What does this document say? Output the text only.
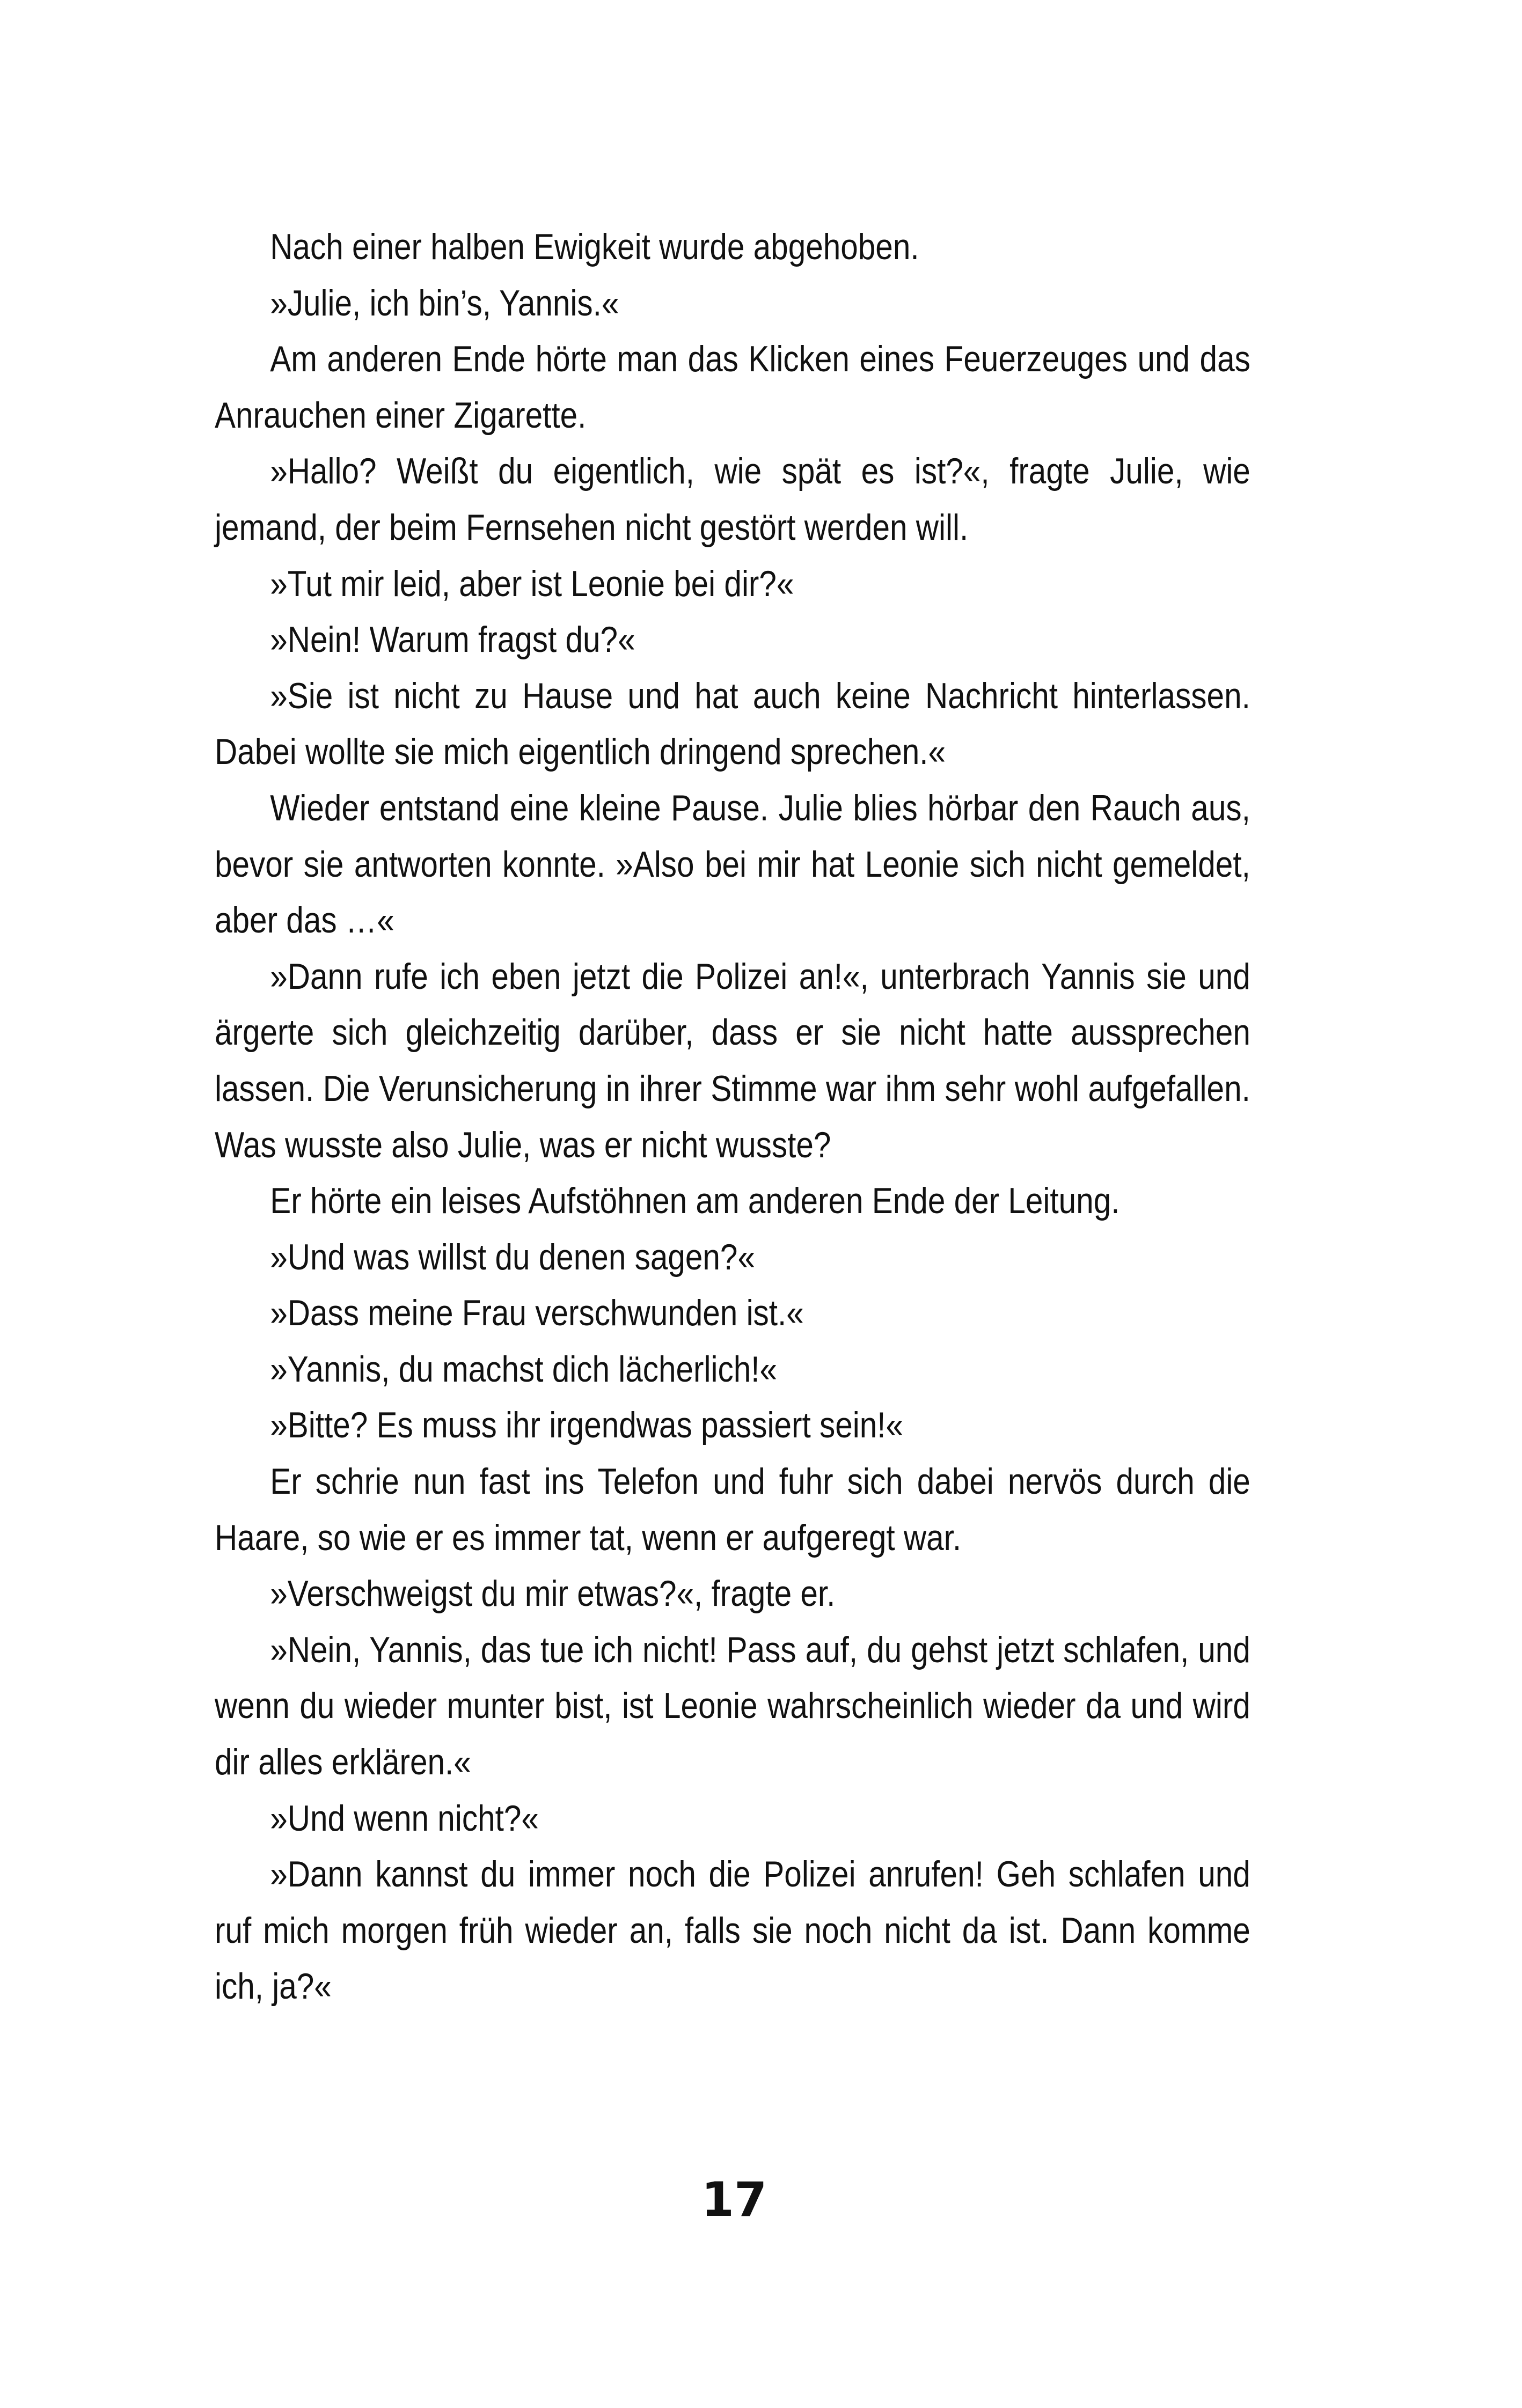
Nach einer halben Ewigkeit wurde abgehoben.

»Julie, ich bin’s, Yannis.«

Am anderen Ende hörte man das Klicken eines Feuerzeuges und das Anrauchen einer Zigarette.

»Hallo? Weißt du eigentlich, wie spät es ist?«, fragte Julie, wie jemand, der beim Fernsehen nicht gestört werden will.

»Tut mir leid, aber ist Leonie bei dir?«

»Nein! Warum fragst du?«

»Sie ist nicht zu Hause und hat auch keine Nachricht hinterlassen. Dabei wollte sie mich eigentlich dringend sprechen.«

Wieder entstand eine kleine Pause. Julie blies hörbar den Rauch aus, bevor sie antworten konnte. »Also bei mir hat Leonie sich nicht gemeldet, aber das …«

»Dann rufe ich eben jetzt die Polizei an!«, unterbrach Yannis sie und ärgerte sich gleichzeitig darüber, dass er sie nicht hatte aussprechen lassen. Die Verunsicherung in ihrer Stimme war ihm sehr wohl aufgefallen. Was wusste also Julie, was er nicht wusste?

Er hörte ein leises Aufstöhnen am anderen Ende der Leitung.

»Und was willst du denen sagen?«

»Dass meine Frau verschwunden ist.«

»Yannis, du machst dich lächerlich!«

»Bitte? Es muss ihr irgendwas passiert sein!«

Er schrie nun fast ins Telefon und fuhr sich dabei nervös durch die Haare, so wie er es immer tat, wenn er aufgeregt war.

»Verschweigst du mir etwas?«, fragte er.

»Nein, Yannis, das tue ich nicht! Pass auf, du gehst jetzt schlafen, und wenn du wieder munter bist, ist Leonie wahrscheinlich wieder da und wird dir alles erklären.«

»Und wenn nicht?«

»Dann kannst du immer noch die Polizei anrufen! Geh schlafen und ruf mich morgen früh wieder an, falls sie noch nicht da ist. Dann komme ich, ja?«

17
